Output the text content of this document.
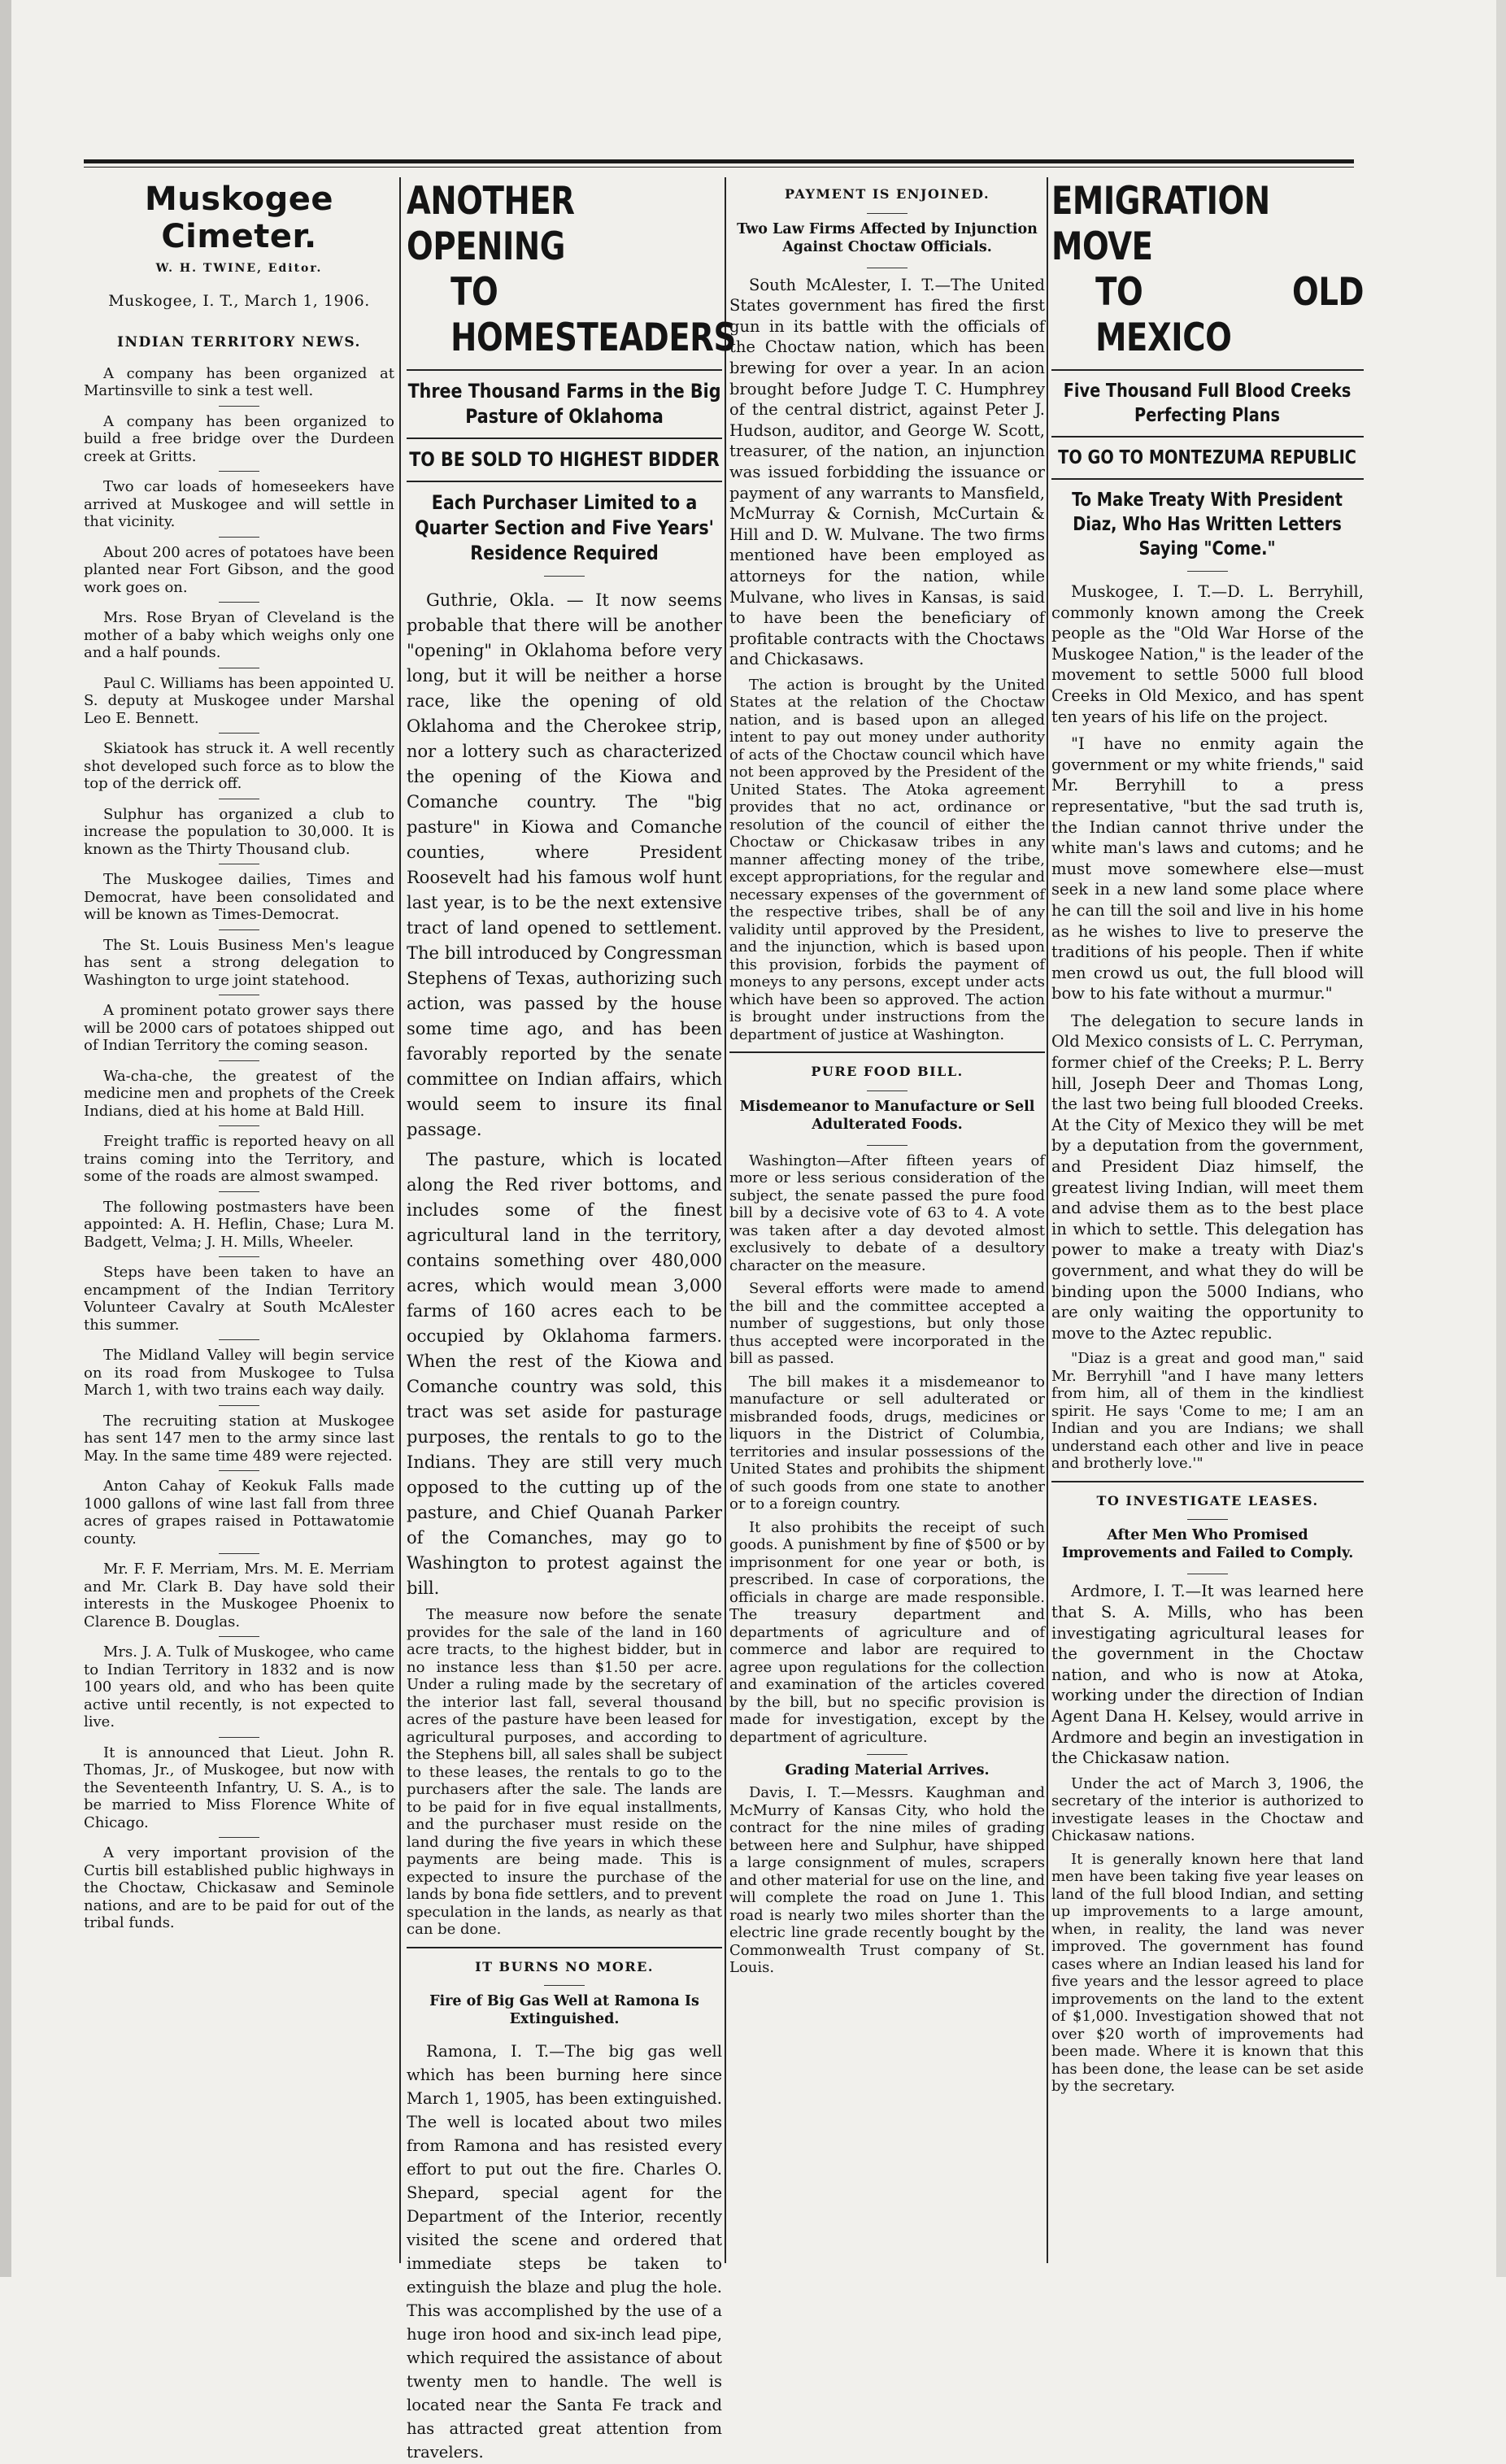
Muskogee Cimeter.
W. H. TWINE, Editor.
Muskogee, I. T., March 1, 1906.
INDIAN TERRITORY NEWS.

A company has been organized at Martinsville to sink a test well.

A company has been organized to build a free bridge over the Durdeen creek at Gritts.

Two car loads of homeseekers have arrived at Muskogee and will settle in that vicinity.

About 200 acres of potatoes have been planted near Fort Gibson, and the good work goes on.

Mrs. Rose Bryan of Cleveland is the mother of a baby which weighs only one and a half pounds.

Paul C. Williams has been appointed U. S. deputy at Muskogee under Marshal Leo E. Bennett.

Skiatook has struck it. A well recently shot developed such force as to blow the top of the derrick off.

Sulphur has organized a club to increase the population to 30,000. It is known as the Thirty Thousand club.

The Muskogee dailies, Times and Democrat, have been consolidated and will be known as Times-Democrat.

The St. Louis Business Men's league has sent a strong delegation to Washington to urge joint statehood.

A prominent potato grower says there will be 2000 cars of potatoes shipped out of Indian Territory the coming season.

Wa-cha-che, the greatest of the medicine men and prophets of the Creek Indians, died at his home at Bald Hill.

Freight traffic is reported heavy on all trains coming into the Territory, and some of the roads are almost swamped.

The following postmasters have been appointed: A. H. Heflin, Chase; Lura M. Badgett, Velma; J. H. Mills, Wheeler.

Steps have been taken to have an encampment of the Indian Territory Volunteer Cavalry at South McAlester this summer.

The Midland Valley will begin service on its road from Muskogee to Tulsa March 1, with two trains each way daily.

The recruiting station at Muskogee has sent 147 men to the army since last May. In the same time 489 were rejected.

Anton Cahay of Keokuk Falls made 1000 gallons of wine last fall from three acres of grapes raised in Pottawatomie county.

Mr. F. F. Merriam, Mrs. M. E. Merriam and Mr. Clark B. Day have sold their interests in the Muskogee Phoenix to Clarence B. Douglas.

Mrs. J. A. Tulk of Muskogee, who came to Indian Territory in 1832 and is now 100 years old, and who has been quite active until recently, is not expected to live.

It is announced that Lieut. John R. Thomas, Jr., of Muskogee, but now with the Seventeenth Infantry, U. S. A., is to be married to Miss Florence White of Chicago.

A very important provision of the Curtis bill established public highways in the Choctaw, Chickasaw and Seminole nations, and are to be paid for out of the tribal funds.

ANOTHER OPENING
TO HOMESTEADERS
Three Thousand Farms in the Big Pasture of Oklahoma
TO BE SOLD TO HIGHEST BIDDER
Each Purchaser Limited to a Quarter Section and Five Years' Residence Required

Guthrie, Okla. — It now seems probable that there will be another "opening" in Oklahoma before very long, but it will be neither a horse race, like the opening of old Oklahoma and the Cherokee strip, nor a lottery such as characterized the opening of the Kiowa and Comanche country. The "big pasture" in Kiowa and Comanche counties, where President Roosevelt had his famous wolf hunt last year, is to be the next extensive tract of land opened to settlement. The bill introduced by Congressman Stephens of Texas, authorizing such action, was passed by the house some time ago, and has been favorably reported by the senate committee on Indian affairs, which would seem to insure its final passage.

The pasture, which is located along the Red river bottoms, and includes some of the finest agricultural land in the territory, contains something over 480,000 acres, which would mean 3,000 farms of 160 acres each to be occupied by Oklahoma farmers. When the rest of the Kiowa and Comanche country was sold, this tract was set aside for pasturage purposes, the rentals to go to the Indians. They are still very much opposed to the cutting up of the pasture, and Chief Quanah Parker of the Comanches, may go to Washington to protest against the bill.

The measure now before the senate provides for the sale of the land in 160 acre tracts, to the highest bidder, but in no instance less than $1.50 per acre. Under a ruling made by the secretary of the interior last fall, several thousand acres of the pasture have been leased for agricultural purposes, and according to the Stephens bill, all sales shall be subject to these leases, the rentals to go to the purchasers after the sale. The lands are to be paid for in five equal installments, and the purchaser must reside on the land during the five years in which these payments are being made. This is expected to insure the purchase of the lands by bona fide settlers, and to prevent speculation in the lands, as nearly as that can be done.

IT BURNS NO MORE.
Fire of Big Gas Well at Ramona Is Extinguished.

Ramona, I. T.—The big gas well which has been burning here since March 1, 1905, has been extinguished. The well is located about two miles from Ramona and has resisted every effort to put out the fire. Charles O. Shepard, special agent for the Department of the Interior, recently visited the scene and ordered that immediate steps be taken to extinguish the blaze and plug the hole. This was accomplished by the use of a huge iron hood and six-inch lead pipe, which required the assistance of about twenty men to handle. The well is located near the Santa Fe track and has attracted great attention from travelers.

PAYMENT IS ENJOINED.
Two Law Firms Affected by Injunction Against Choctaw Officials.

South McAlester, I. T.—The United States government has fired the first gun in its battle with the officials of the Choctaw nation, which has been brewing for over a year. In an acion brought before Judge T. C. Humphrey of the central district, against Peter J. Hudson, auditor, and George W. Scott, treasurer, of the nation, an injunction was issued forbidding the issuance or payment of any warrants to Mansfield, McMurray & Cornish, McCurtain & Hill and D. W. Mulvane. The two firms mentioned have been employed as attorneys for the nation, while Mulvane, who lives in Kansas, is said to have been the beneficiary of profitable contracts with the Choctaws and Chickasaws.

The action is brought by the United States at the relation of the Choctaw nation, and is based upon an alleged intent to pay out money under authority of acts of the Choctaw council which have not been approved by the President of the United States. The Atoka agreement provides that no act, ordinance or resolution of the council of either the Choctaw or Chickasaw tribes in any manner affecting money of the tribe, except appropriations, for the regular and necessary expenses of the government of the respective tribes, shall be of any validity until approved by the President, and the injunction, which is based upon this provision, forbids the payment of moneys to any persons, except under acts which have been so approved. The action is brought under instructions from the department of justice at Washington.

PURE FOOD BILL.
Misdemeanor to Manufacture or Sell Adulterated Foods.

Washington—After fifteen years of more or less serious consideration of the subject, the senate passed the pure food bill by a decisive vote of 63 to 4. A vote was taken after a day devoted almost exclusively to debate of a desultory character on the measure.

Several efforts were made to amend the bill and the committee accepted a number of suggestions, but only those thus accepted were incorporated in the bill as passed.

The bill makes it a misdemeanor to manufacture or sell adulterated or misbranded foods, drugs, medicines or liquors in the District of Columbia, territories and insular possessions of the United States and prohibits the shipment of such goods from one state to another or to a foreign country.

It also prohibits the receipt of such goods. A punishment by fine of $500 or by imprisonment for one year or both, is prescribed. In case of corporations, the officials in charge are made responsible. The treasury department and departments of agriculture and of commerce and labor are required to agree upon regulations for the collection and examination of the articles covered by the bill, but no specific provision is made for investigation, except by the department of agriculture.

Grading Material Arrives.

Davis, I. T.—Messrs. Kaughman and McMurry of Kansas City, who hold the contract for the nine miles of grading between here and Sulphur, have shipped a large consignment of mules, scrapers and other material for use on the line, and will complete the road on June 1. This road is nearly two miles shorter than the electric line grade recently bought by the Commonwealth Trust company of St. Louis.

EMIGRATION MOVE
TO OLD MEXICO
Five Thousand Full Blood Creeks Perfecting Plans
TO GO TO MONTEZUMA REPUBLIC
To Make Treaty With President Diaz, Who Has Written Letters Saying "Come."

Muskogee, I. T.—D. L. Berryhill, commonly known among the Creek people as the "Old War Horse of the Muskogee Nation," is the leader of the movement to settle 5000 full blood Creeks in Old Mexico, and has spent ten years of his life on the project.

"I have no enmity again the government or my white friends," said Mr. Berryhill to a press representative, "but the sad truth is, the Indian cannot thrive under the white man's laws and cutoms; and he must move somewhere else—must seek in a new land some place where he can till the soil and live in his home as he wishes to live to preserve the traditions of his people. Then if white men crowd us out, the full blood will bow to his fate without a murmur."

The delegation to secure lands in Old Mexico consists of L. C. Perryman, former chief of the Creeks; P. L. Berry hill, Joseph Deer and Thomas Long, the last two being full blooded Creeks. At the City of Mexico they will be met by a deputation from the government, and President Diaz himself, the greatest living Indian, will meet them and advise them as to the best place in which to settle. This delegation has power to make a treaty with Diaz's government, and what they do will be binding upon the 5000 Indians, who are only waiting the opportunity to move to the Aztec republic.

"Diaz is a great and good man," said Mr. Berryhill "and I have many letters from him, all of them in the kindliest spirit. He says 'Come to me; I am an Indian and you are Indians; we shall understand each other and live in peace and brotherly love.'"

TO INVESTIGATE LEASES.
After Men Who Promised Improvements and Failed to Comply.

Ardmore, I. T.—It was learned here that S. A. Mills, who has been investigating agricultural leases for the government in the Choctaw nation, and who is now at Atoka, working under the direction of Indian Agent Dana H. Kelsey, would arrive in Ardmore and begin an investigation in the Chickasaw nation.

Under the act of March 3, 1906, the secretary of the interior is authorized to investigate leases in the Choctaw and Chickasaw nations.

It is generally known here that land men have been taking five year leases on land of the full blood Indian, and setting up improvements to a large amount, when, in reality, the land was never improved. The government has found cases where an Indian leased his land for five years and the lessor agreed to place improvements on the land to the extent of $1,000. Investigation showed that not over $20 worth of improvements had been made. Where it is known that this has been done, the lease can be set aside by the secretary.
